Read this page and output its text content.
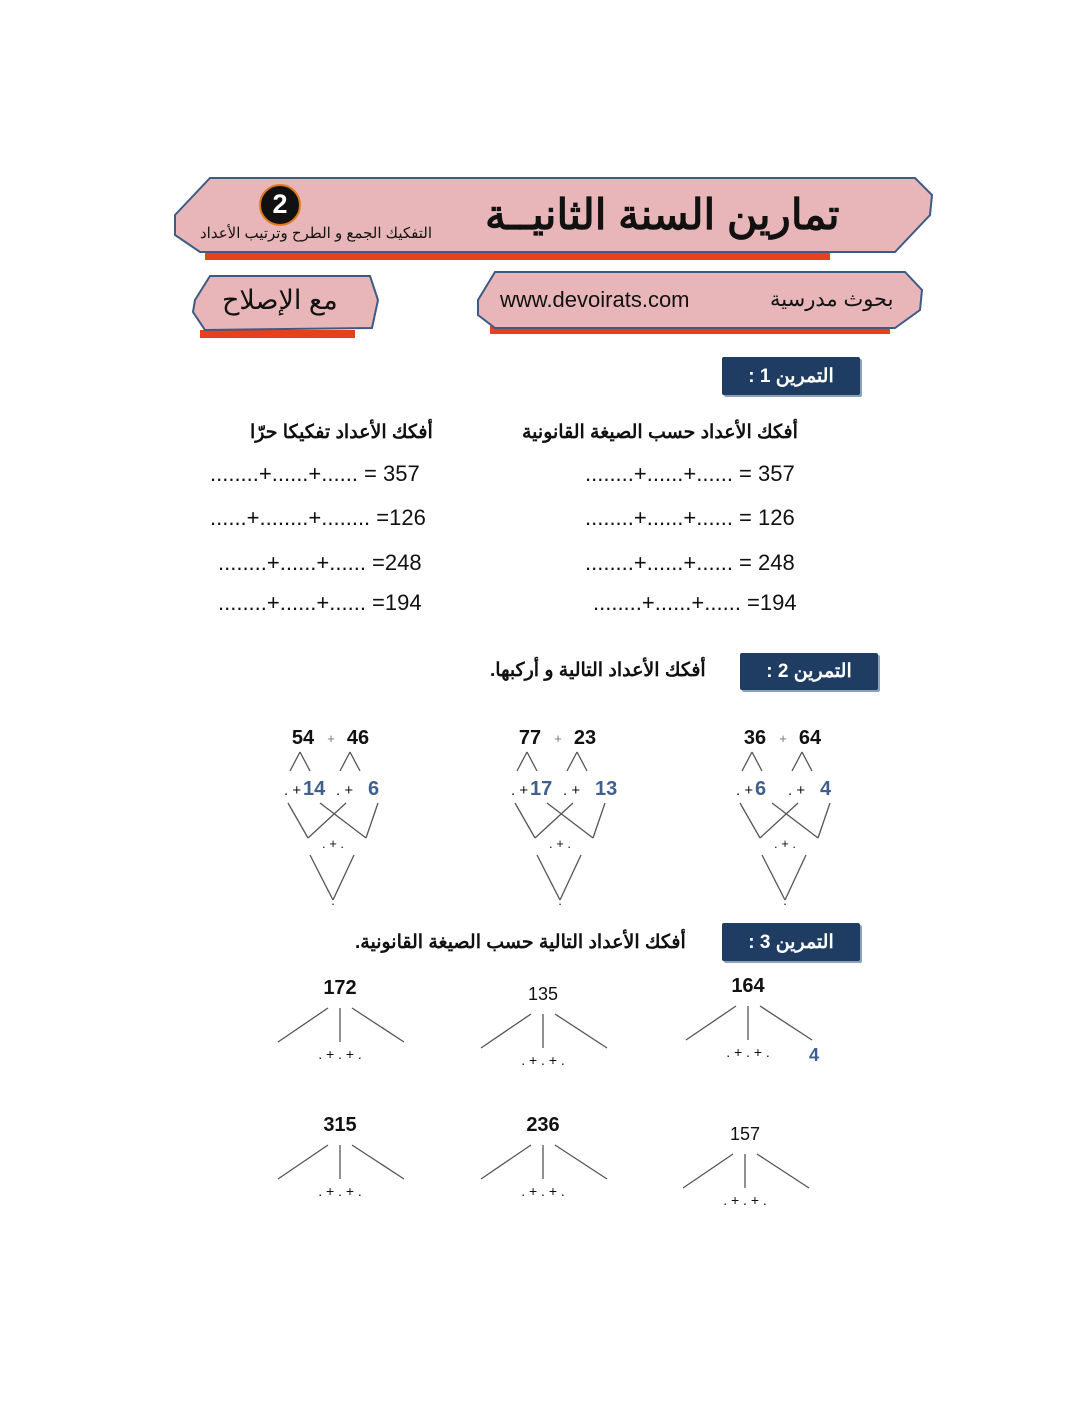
2	تمارين السنة الثانيــة
التفكيك الجمع و الطرح وترتيب الأعداد
www.devoirats.com	بحوث مدرسية
مع الإصلاح
التمرين 1 :
أفكك الأعداد حسب الصيغة القانونية
أفكك الأعداد تفكيكا حرّا
........+......+...... = 357
........+......+...... = 126
........+......+...... = 248
........+......+...... =194
........+......+...... = 357
......+........+........ =126
........+......+...... =248
........+......+...... =194
التمرين 2 :
أفكك الأعداد التالية و أركبها.
التمرين 3 :
أفكك الأعداد التالية حسب الصيغة القانونية.
54 + 46
. + 14 . + 6
. + .
.
77 + 23
. + 17 . + 13
. + .
.
36 + 64
. + 6 . + 4
. + .
.
172
. + . + .
135
. + . + .
164
. + . + . 4
315
. + . + .
236
. + . + .
157
. + . + .
